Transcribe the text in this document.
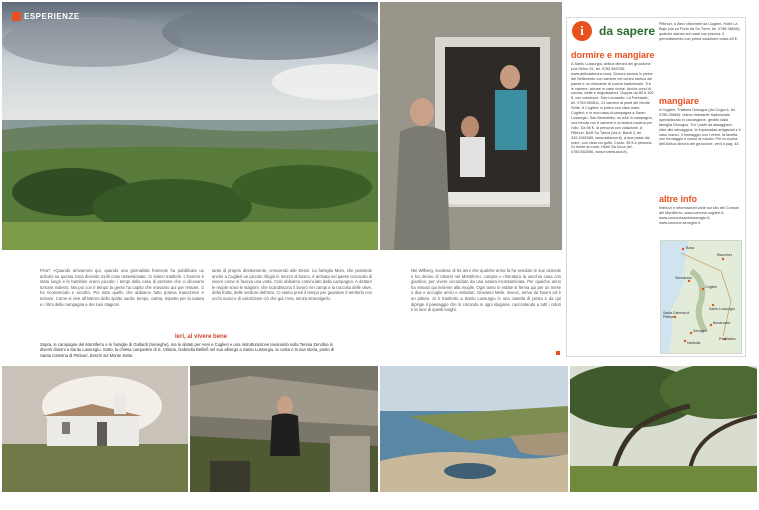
ESPERIENZE
Fino? «Quando arrivammo qui, quando una giornalista francese ha pubblicato un articolo su questa zona dicendo molti cose ossessionate. Ci siamo trasferiti. L'inverno è stato lungo e le bambine erano piccole; i tempi della casa di persone che ci dicevano tornare indietro. Ma poi con il tempo la gente ha capito che eravamo qui per restare, ci ha riconosciuto e accolto. Poi tutto quello che abbiamo fatto poteva trascorrere e tornare. Come si vive all'interno dello spirito sardo: tempo, calma, rispetto per la natura e i ritmi della campagna e dei suoi stagioni.
tanto di proprio direttamente, crescendo alle Dessì. La famiglia Moni, che possiede anche a Cuglieri un piccolo rifugio in mezzo al bosco, è arrivata nel paese cercando di vivere come si faceva una volta. Così abbiamo cominciato dalla campagna. A dettare le regole sono le stagioni, che scandiscono il lavoro nei campi e la raccolta delle olive, della frutta, delle verdure dell'orto. Ci siamo presi il tempo per guardare il territorio con occhi nuovi e di valorizzare ciò che già c'era, senza stravolgerlo.
Nei Wilberg, svedese di 64 anni che qualche anno fa ha venduto le sue aziende e ha deciso di ritirarsi nel Montiferru: compra e ristruttura la vecchia casa con giardino, per vivere circondato da una natura incontaminata. Per qualche anno ha vissuto qui insieme alla moglie. Ogni tanto in estate si ferma qui per un mese o due e accoglie amici e visitatori. Giovanni Mele, invece, arriva da Nuoro ed è un pittore. Si è trasferito a Santu Lussurgiu in una casetta di pietra e da qui dipinge il paesaggio che lo circonda in ogni stagione, raccontando a tutti i colori e la luce di questi luoghi.
Ieri, al vivere bene
Sopra, le campagne del Montiferru e le famiglie di Gallardi (Seneghe), ma le abitati per Aeni e Cuglieri e una ristrutturazione lavorando sulla Teresa Zenobia in diversi domini a Santu Lussurgiu. Sotto, la chiesa campestre di S. Vittoria, Gabriella Bellinfi nel suo albergo a Santu Lussurgiu, la costa e la sua storia, posto di Santa Caterina di Pittinuri, boschi sul Monte Sette.
i	da sapere
dormire e mangiare
A Santu Lussurgiu, Antica dimora del gruccione (via Obino 31, tel. 0783.552035; www.anticadimora.com). Dimora storica in pietra del Settecento con camere nel centro storico del paese e un ristorante di cucina tradizionale. Tra le camere, alcune in case vicine. Anche corsi di cucina, visite e degustazioni. Doppia da 80 a 100 €, con colazione. San Leonardo: La Forestale, tel. 0783.550811, 21 camere ai piedi del Monte Sette. A Cuglieri: in pietra con vista mare, Cuglieri; e in una casa di campagna a Santu Lussurgiu, San Benedetto, un b&b in campagna, una tenuta con 6 camere e un'antica macina per l'olio. Da 56 €, la persona con colazione. A Pittinuri, B&B Sa Tanca (via A. Bardi 3, tel. 349.1582085, www.satanca.it), a due passi dal mare, con vista sul golfo. Costo: 35 € a persona. Di fronte al mare, Hotel Sa Ucca (tel. 0783.552066, www.hotelsucca.it).
Pittinuri, a dieci chilometri da Cuglieri, Hotel La Baja (via su Porto da Su Turre, tel. 0785.38646); qualche stanza sul mare con piscina. Il pernottamento con prima colazione costa 63 €.
mangiare
A Cuglieri, Trattoria Desogus (via Cugia 6, tel. 0785.39660): ottimo ristorante tradizionale specializzato in cacciagione, gestito dalla famiglia Desogus. Tra i piatti da assaggiare, oltre alle selvaggine, le impanadas artigianali e il casu marzu. Il formaggio con i vermi, la favetta con formaggio e cosce di rosolio. Per la cucina dell'Antica dimora del gruccione, vedi a pag. 44.
altre info
Indirizzi e informazioni varie sul sito dei Comuni del Montiferru: www.comune.cuglieri.it; www.comunesantulussurgiu.it; www.comune.seneghe.it
Bosa
Macomer
Sennariolo
Cuglieri
Santu Lussurgiu
Santa Caterina di Pittinuri
Bonarcado
Seneghe
Narbolia
Paulilatino
